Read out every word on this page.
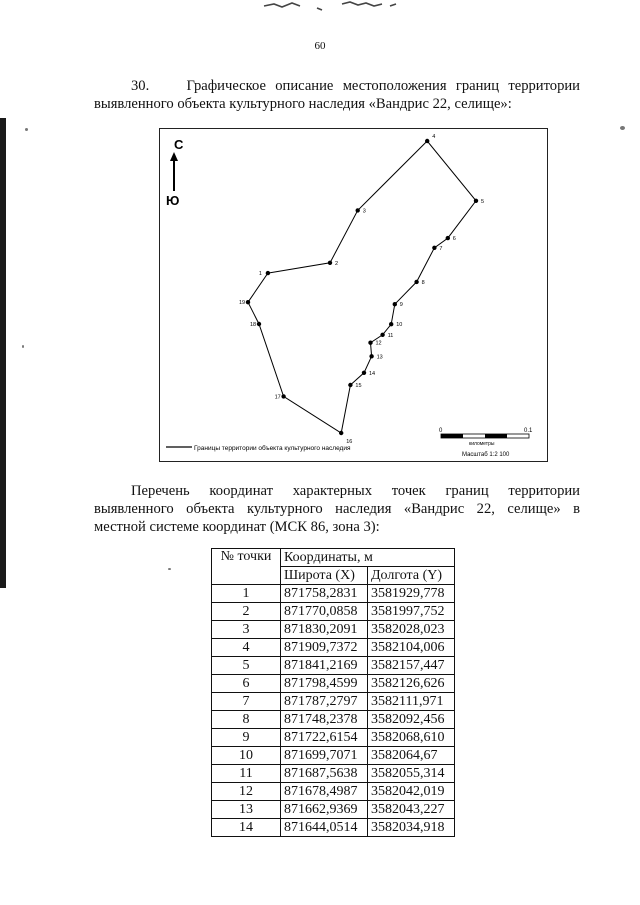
60
30.	Графическое описание местоположения границ территории
выявленного объекта культурного наследия «Вандрис 22, селище»:
С
Ю
1
2
3
4
5
6
7
8
9
10
11
12
13
14
15
16
17
18
19
Границы территории объекта культурного наследия
0	0.1
километры
Масштаб 1:2 100
Перечень координат характерных точек границ территории
выявленного объекта культурного наследия «Вандрис 22, селище» в
местной системе координат (МСК 86, зона 3):
№ точки	Координаты, м	
	Широта (X)	Долгота (Y)
1	871758,2831	3581929,778
2	871770,0858	3581997,752
3	871830,2091	3582028,023
4	871909,7372	3582104,006
5	871841,2169	3582157,447
6	871798,4599	3582126,626
7	871787,2797	3582111,971
8	871748,2378	3582092,456
9	871722,6154	3582068,610
10	871699,7071	3582064,67
11	871687,5638	3582055,314
12	871678,4987	3582042,019
13	871662,9369	3582043,227
14	871644,0514	3582034,918
